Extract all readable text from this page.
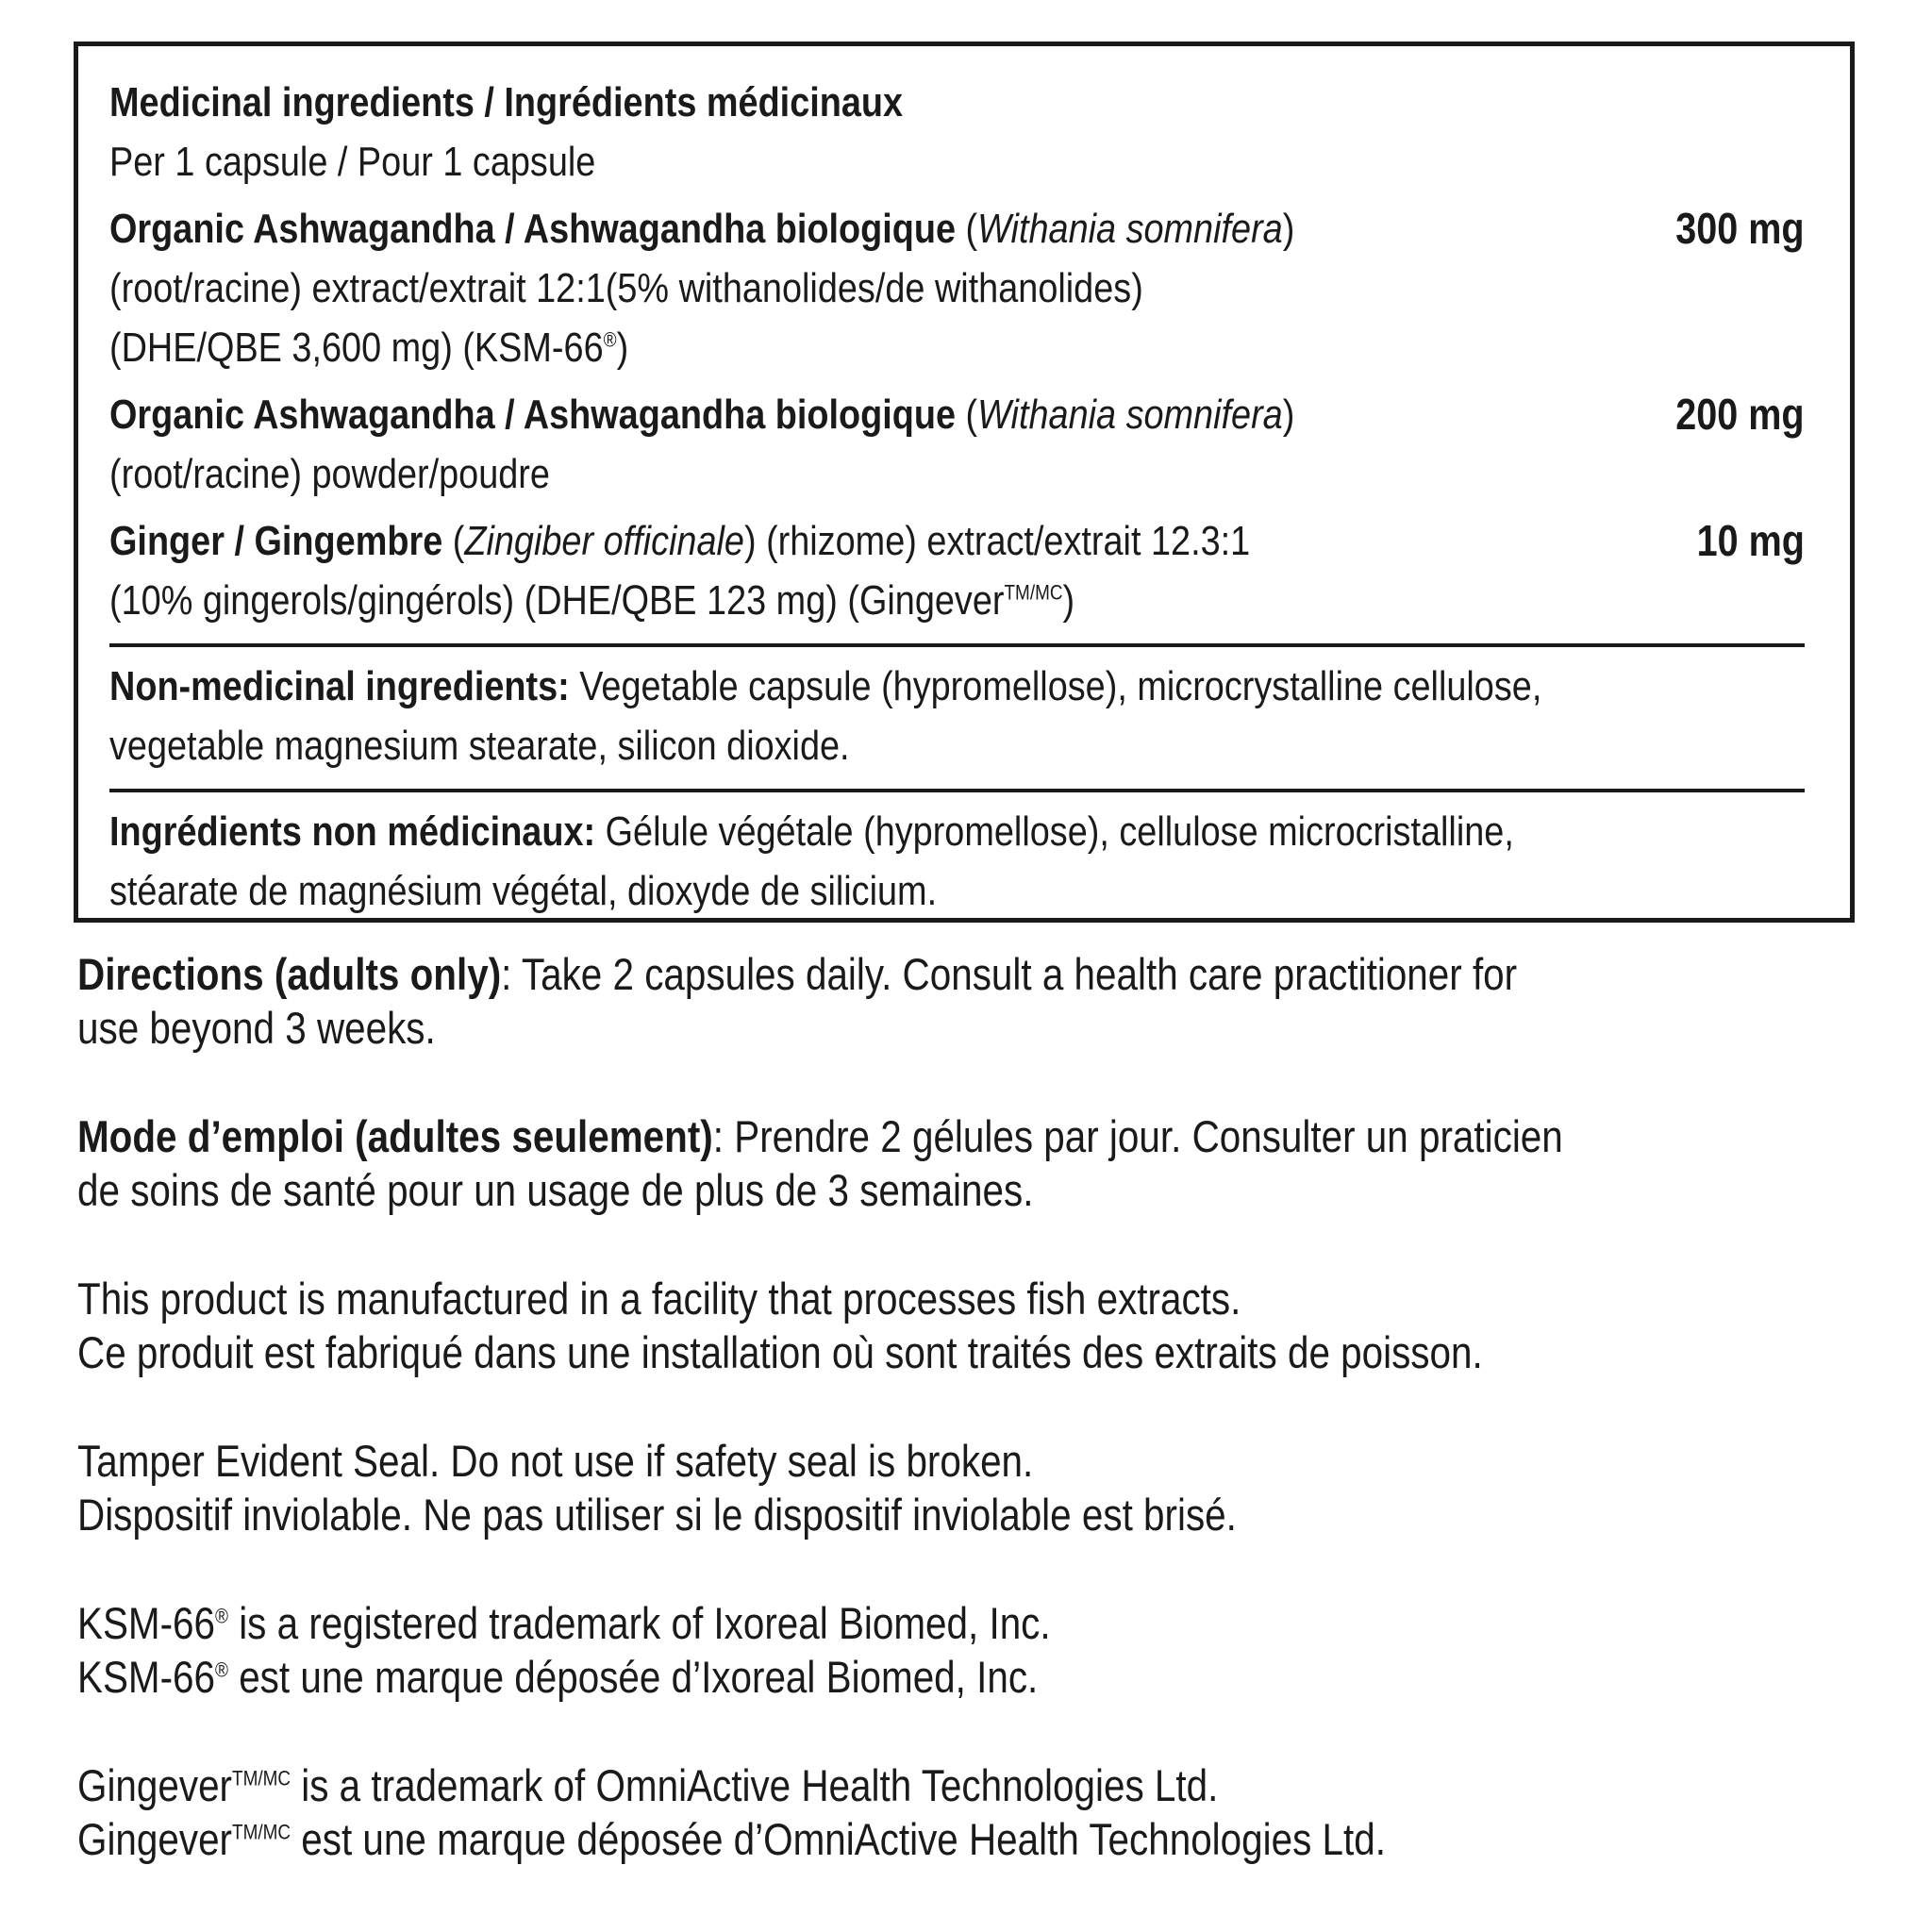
Medicinal ingredients / Ingrédients médicinaux
Per 1 capsule / Pour 1 capsule
300 mg
Organic Ashwagandha / Ashwagandha biologique (Withania somnifera)
(root/racine) extract/extrait 12:1(5% withanolides/de withanolides)
(DHE/QBE 3,600 mg) (KSM-66®)
200 mg
Organic Ashwagandha / Ashwagandha biologique (Withania somnifera)
(root/racine) powder/poudre
10 mg
Ginger / Gingembre (Zingiber officinale) (rhizome) extract/extrait 12.3:1
(10% gingerols/gingérols) (DHE/QBE 123 mg) (Gingever$^{TM/MC}$)
Non-medicinal ingredients: Vegetable capsule (hypromellose), microcrystalline cellulose,
vegetable magnesium stearate, silicon dioxide.
Ingrédients non médicinaux: Gélule végétale (hypromellose), cellulose microcristalline,
stéarate de magnésium végétal, dioxyde de silicium.
Directions (adults only): Take 2 capsules daily. Consult a health care practitioner for
use beyond 3 weeks.
Mode d’emploi (adultes seulement): Prendre 2 gélules par jour. Consulter un praticien
de soins de santé pour un usage de plus de 3 semaines.
This product is manufactured in a facility that processes fish extracts.
Ce produit est fabriqué dans une installation où sont traités des extraits de poisson.
Tamper Evident Seal. Do not use if safety seal is broken.
Dispositif inviolable. Ne pas utiliser si le dispositif inviolable est brisé.
KSM-66® is a registered trademark of Ixoreal Biomed, Inc.
KSM-66® est une marque déposée d’Ixoreal Biomed, Inc.
Gingever$^{TM/MC}$ is a trademark of OmniActive Health Technologies Ltd.
Gingever$^{TM/MC}$ est une marque déposée d’OmniActive Health Technologies Ltd.
